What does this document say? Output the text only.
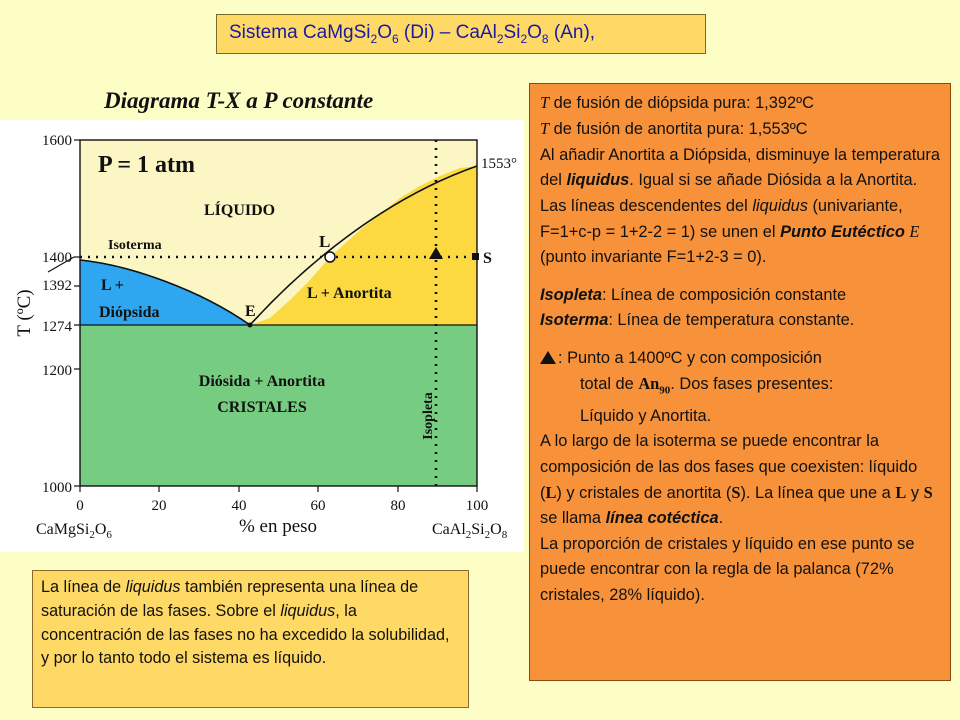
Sistema $CaMgSi_2O_6$ $(Di) - CaAl_2Si_2O_8$ (An),
Diagrama T-X a P constante
1600
1400
1392
1274
1200
1000
0	20	40	60	80	100
T (ºC)
% en peso
$CaMgSi_2O_6$	$CaAl_2Si_2O_8$
1553°
P = 1 atm
LÍQUIDO
Isoterma	L
S
L +
Diópsida	E
L + Anortita
Diósida + Anortita
CRISTALES	Isopleta

T de fusión de diópsida pura: 1,392ºC

T de fusión de anortita pura: 1,553ºC

Al añadir Anortita a Diópsida, disminuye la temperatura del liquidus. Igual si se añade Diósida a la Anortita. Las líneas descendentes del liquidus (univariante, F=1+c-p = 1+2-2 = 1) se unen el Punto Eutéctico E (punto invariante F=1+2-3 = 0).

Isopleta: Línea de composición constante

Isoterma: Línea de temperatura constante.

: Punto a 1400ºC y con composición

total de $An_{90}$. Dos fases presentes:

Líquido y Anortita.

A lo largo de la isoterma se puede encontrar la composición de las dos fases que coexisten: líquido (L) y cristales de anortita (S). La línea que une a L y S se llama línea cotéctica.

La proporción de cristales y líquido en ese punto se puede encontrar con la regla de la palanca (72% cristales, 28% líquido).

La línea de liquidus también representa una línea de saturación de las fases. Sobre el liquidus, la concentración de las fases no ha excedido la solubilidad, y por lo tanto todo el sistema es líquido.
